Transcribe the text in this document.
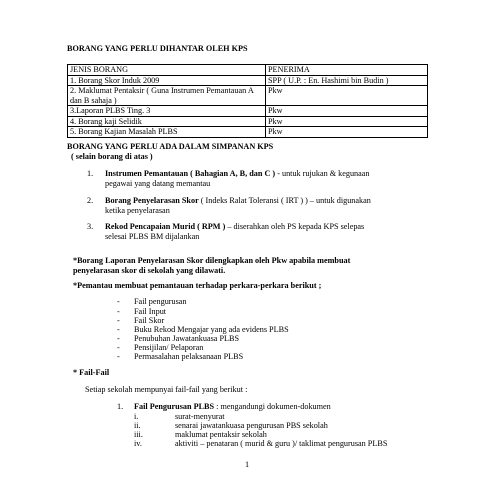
BORANG YANG PERLU DIHANTAR OLEH KPS
JENIS BORANG	PENERIMA
1. Borang Skor Induk 2009	SPP ( U.P. : En. Hashimi bin Budin )
2. Maklumat Pentaksir ( Guna Instrumen Pemantauan A dan B sahaja )	Pkw
3.Laporan PLBS Ting. 3	Pkw
4. Borang kaji Selidik	Pkw
5. Borang Kajian Masalah PLBS	Pkw
BORANG YANG PERLU ADA DALAM SIMPANAN KPS
( selain borang di atas )
1. Instrumen Pemantauan ( Bahagian A, B, dan C ) - untuk rujukan & kegunaan
pegawai yang datang memantau
2. Borang Penyelarasan Skor ( Indeks Ralat Toleransi ( IRT ) ) – untuk digunakan
ketika penyelarasan
3. Rekod Pencapaian Murid ( RPM ) – diserahkan oleh PS kepada KPS selepas
selesai PLBS BM dijalankan
*Borang Laporan Penyelarasan Skor dilengkapkan oleh Pkw apabila membuat
penyelarasan skor di sekolah yang dilawati.
*Pemantau membuat pemantauan terhadap perkara-perkara berikut ;
- Fail pengurusan
- Fail Input
- Fail Skor
- Buku Rekod Mengajar yang ada evidens PLBS
- Penubuhan Jawatankuasa PLBS
- Pensijilan/ Pelaporan
- Permasalahan pelaksanaan PLBS
* Fail-Fail
Setiap sekolah mempunyai fail-fail yang berikut :
1. Fail Pengurusan PLBS : mengandungi dokumen-dokumen
i.	surat-menyurat
ii.	senarai jawatankuasa pengurusan PBS sekolah
iii.	maklumat pentaksir sekolah
iv.	aktiviti – penataran ( murid & guru )/ taklimat pengurusan PLBS
1
